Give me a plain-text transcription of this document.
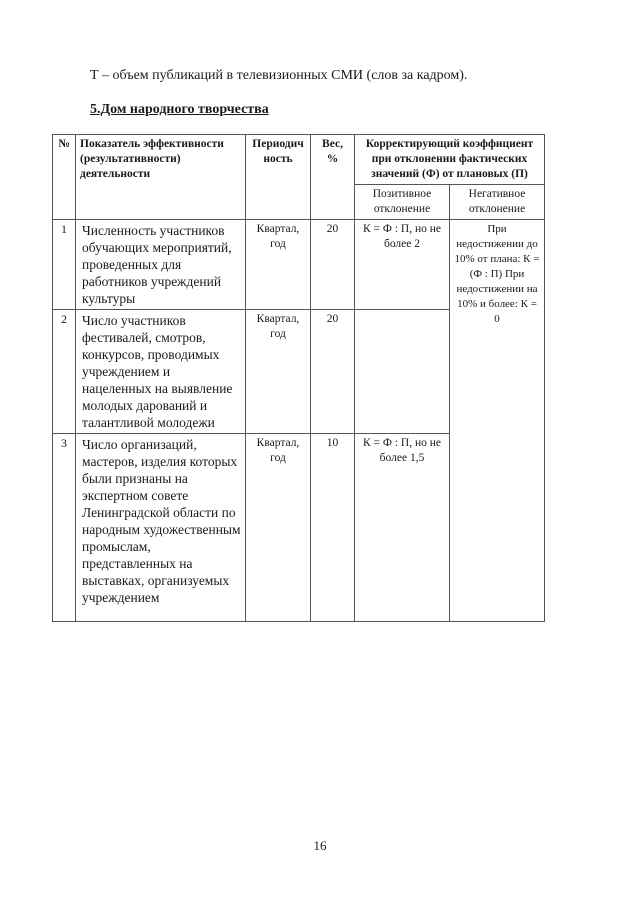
Т – объем публикаций в телевизионных СМИ (слов за кадром).
5.Дом народного творчества
№	Показатель эффективности (результативности) деятельности	Периодич ность	Вес, %	Корректирующий коэффициент при отклонении фактических значений (Ф) от плановых (П)	
				Позитивное отклонение	Негативное отклонение
1	Численность участников обучающих мероприятий, проведенных для работников учреждений культуры	Квартал, год	20	К = Ф : П, но не более 2	При недостижении до 10% от плана: К = (Ф : П) При недостижении на 10% и более: К = 0
2	Число участников фестивалей, смотров, конкурсов, проводимых учреждением и нацеленных на выявление молодых дарований и талантливой молодежи	Квартал, год	20		
3	Число организаций, мастеров, изделия которых были признаны на экспертном совете Ленинградской области по народным художественным промыслам, представленных на выставках, организуемых учреждением	Квартал, год	10	К = Ф : П, но не более 1,5	
16
